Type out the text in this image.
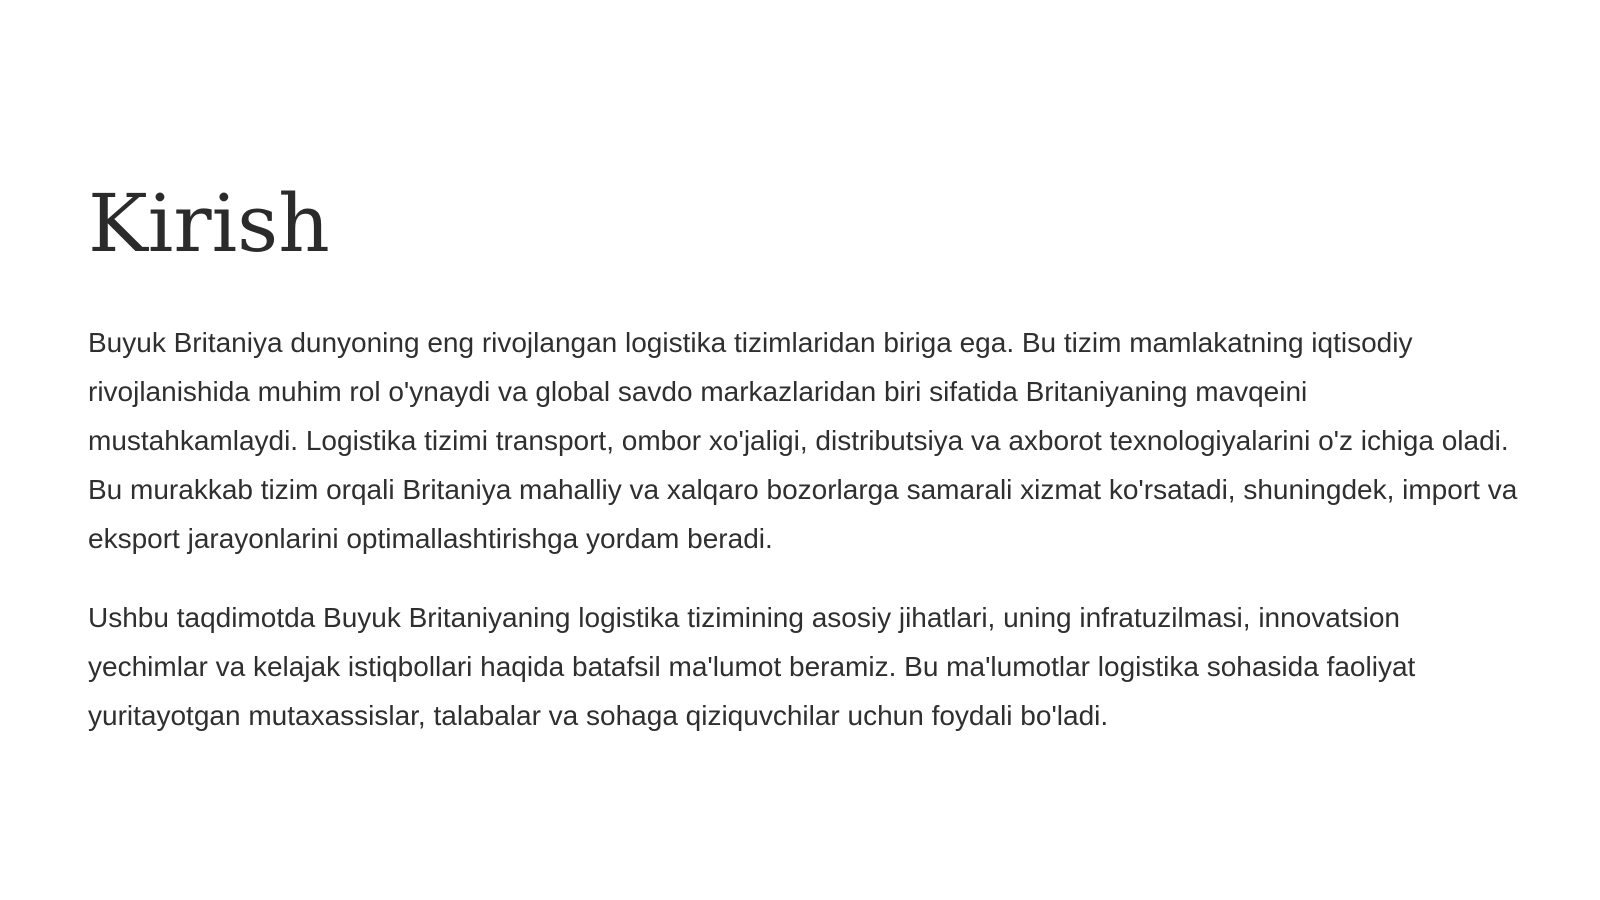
Kirish

Buyuk Britaniya dunyoning eng rivojlangan logistika tizimlaridan biriga ega. Bu tizim mamlakatning iqtisodiy rivojlanishida muhim rol o'ynaydi va global savdo markazlaridan biri sifatida Britaniyaning mavqeini mustahkamlaydi. Logistika tizimi transport, ombor xo'jaligi, distributsiya va axborot texnologiyalarini o'z ichiga oladi. Bu murakkab tizim orqali Britaniya mahalliy va xalqaro bozorlarga samarali xizmat ko'rsatadi, shuningdek, import va eksport jarayonlarini optimallashtirishga yordam beradi.

Ushbu taqdimotda Buyuk Britaniyaning logistika tizimining asosiy jihatlari, uning infratuzilmasi, innovatsion yechimlar va kelajak istiqbollari haqida batafsil ma'lumot beramiz. Bu ma'lumotlar logistika sohasida faoliyat yuritayotgan mutaxassislar, talabalar va sohaga qiziquvchilar uchun foydali bo'ladi.
